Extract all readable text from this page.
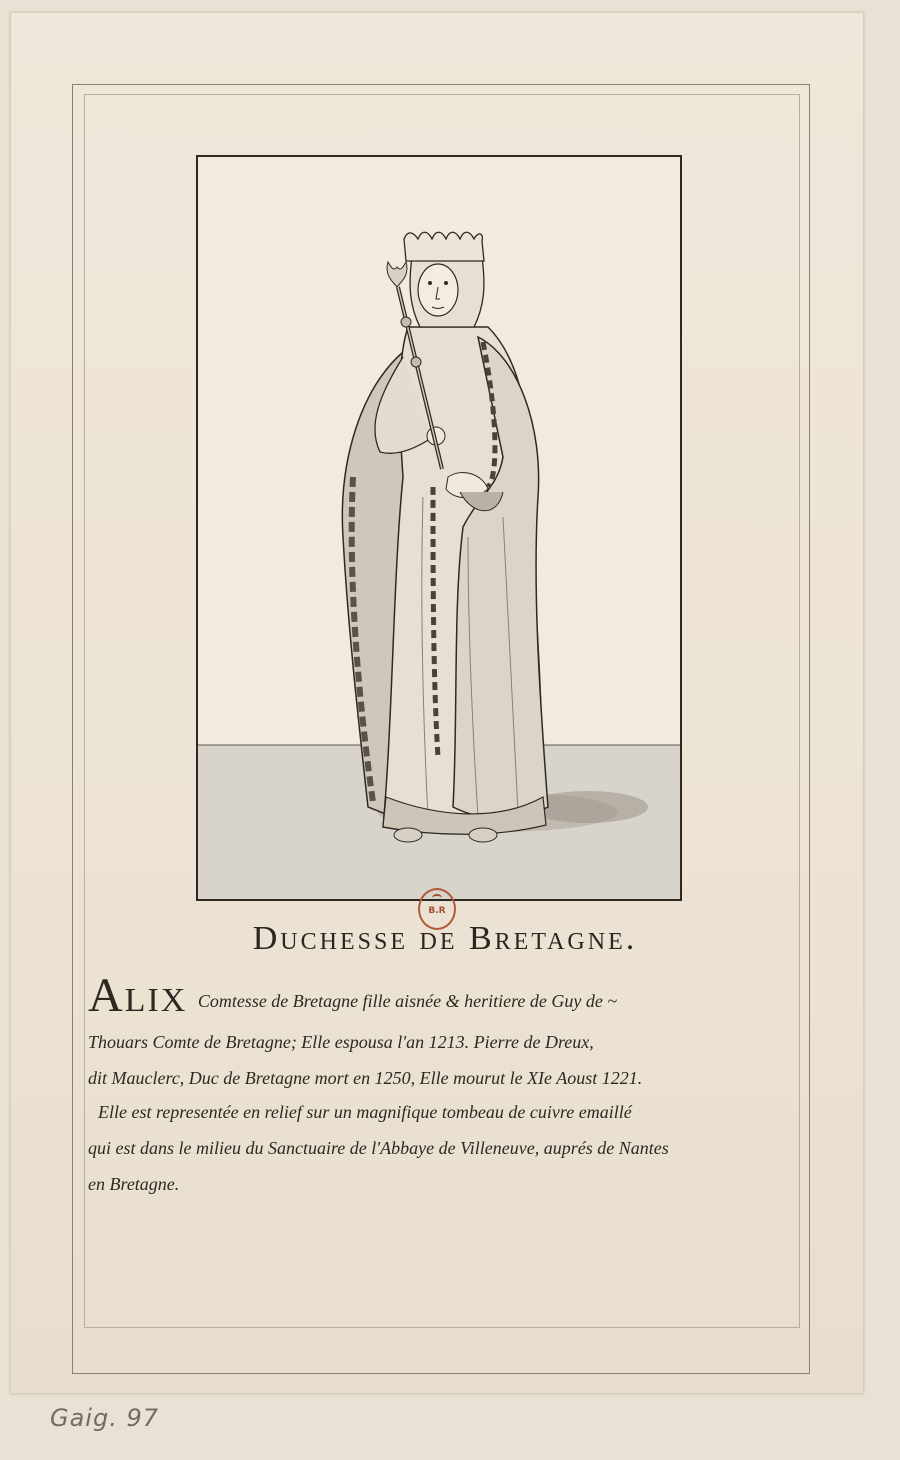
B.R
Duchesse de Bretagne.
Alix Comtesse de Bretagne fille aisnée & heritiere de Guy de ~
Thouars Comte de Bretagne; Elle espousa l'an 1213. Pierre de Dreux,
dit Mauclerc, Duc de Bretagne mort en 1250, Elle mourut le XIe Aoust 1221.
Elle est representée en relief sur un magnifique tombeau de cuivre emaillé
qui est dans le milieu du Sanctuaire de l'Abbaye de Villeneuve, auprés de Nantes
en Bretagne.
Gaig. 97
